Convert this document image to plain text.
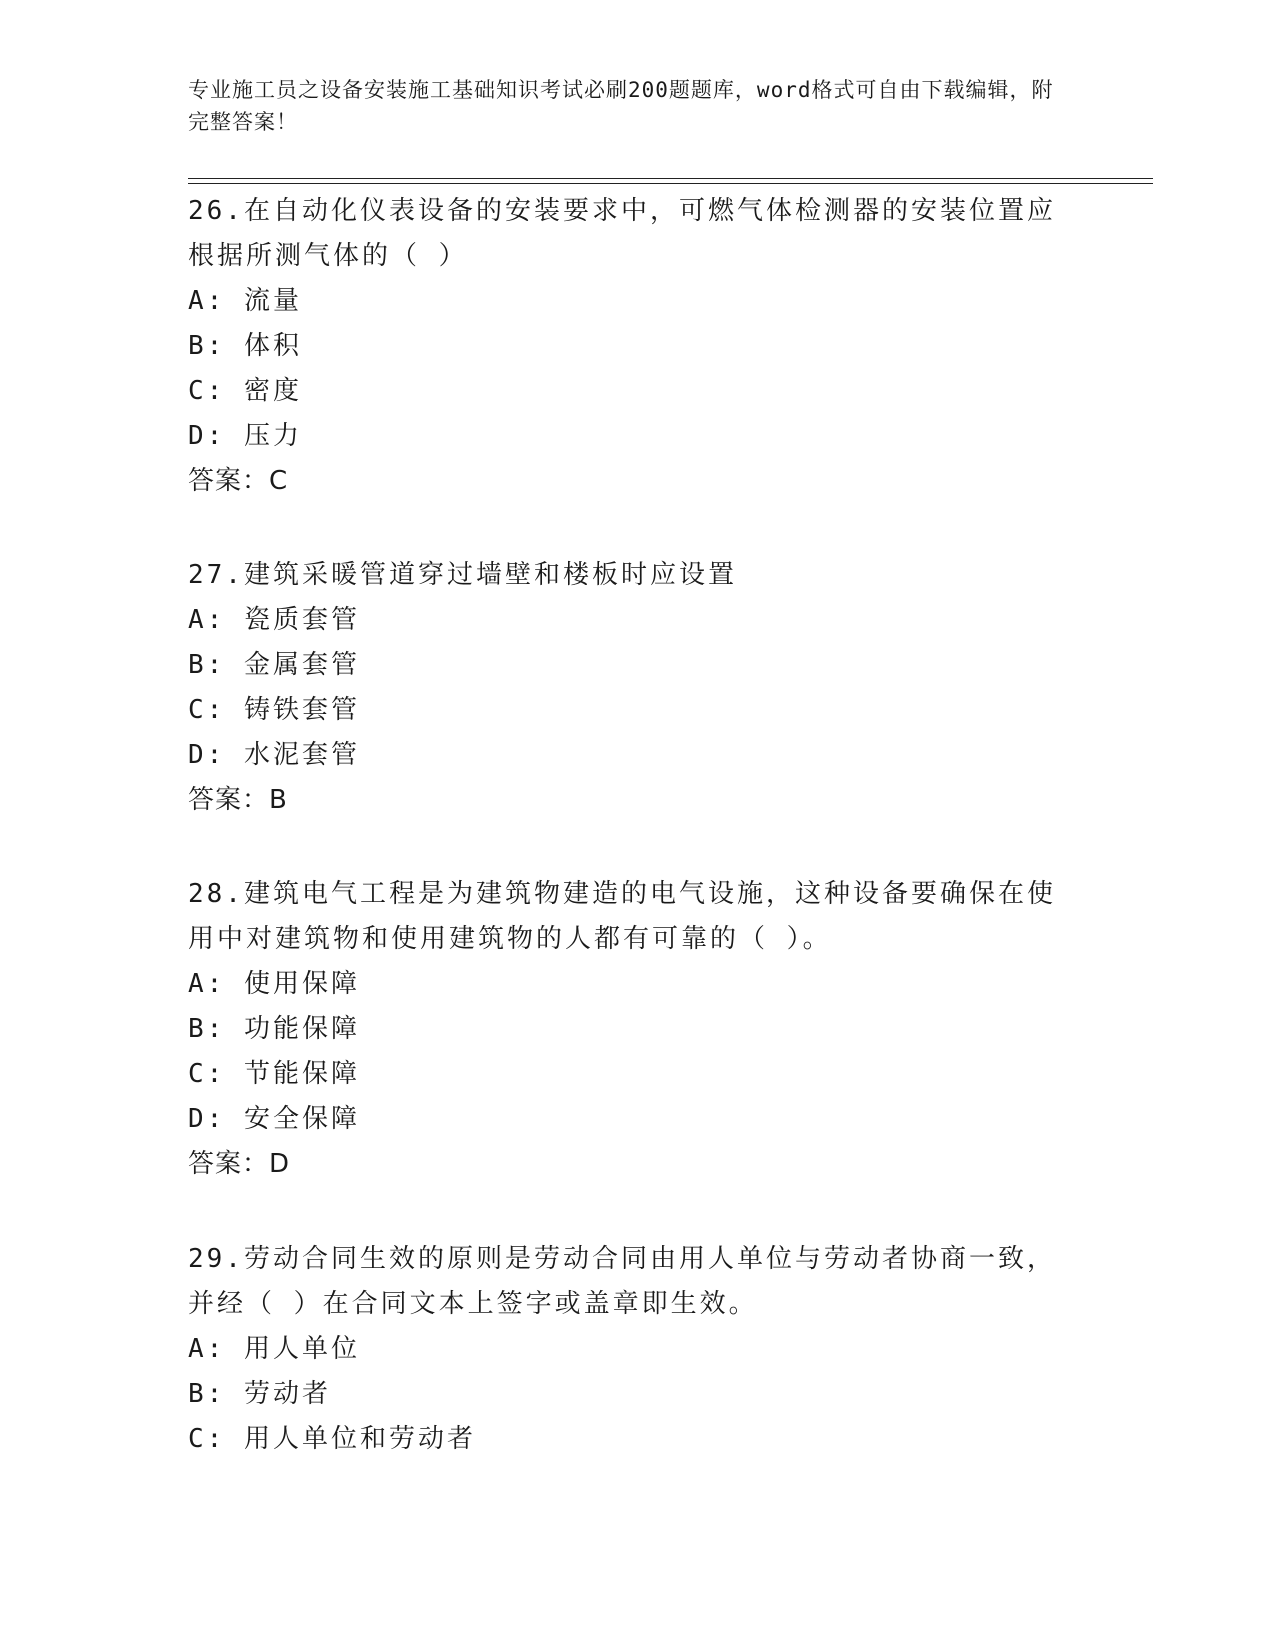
专业施工员之设备安装施工基础知识考试必刷200题题库，word格式可自由下载编辑，附完整答案！

26.在自动化仪表设备的安装要求中，可燃气体检测器的安装位置应根据所测气体的（ ）

A: 流量

B: 体积

C: 密度

D: 压力

答案：C

27.建筑采暖管道穿过墙壁和楼板时应设置

A: 瓷质套管

B: 金属套管

C: 铸铁套管

D: 水泥套管

答案：B

28.建筑电气工程是为建筑物建造的电气设施，这种设备要确保在使用中对建筑物和使用建筑物的人都有可靠的（ ）。

A: 使用保障

B: 功能保障

C: 节能保障

D: 安全保障

答案：D

29.劳动合同生效的原则是劳动合同由用人单位与劳动者协商一致，并经（ ）在合同文本上签字或盖章即生效。

A: 用人单位

B: 劳动者

C: 用人单位和劳动者
